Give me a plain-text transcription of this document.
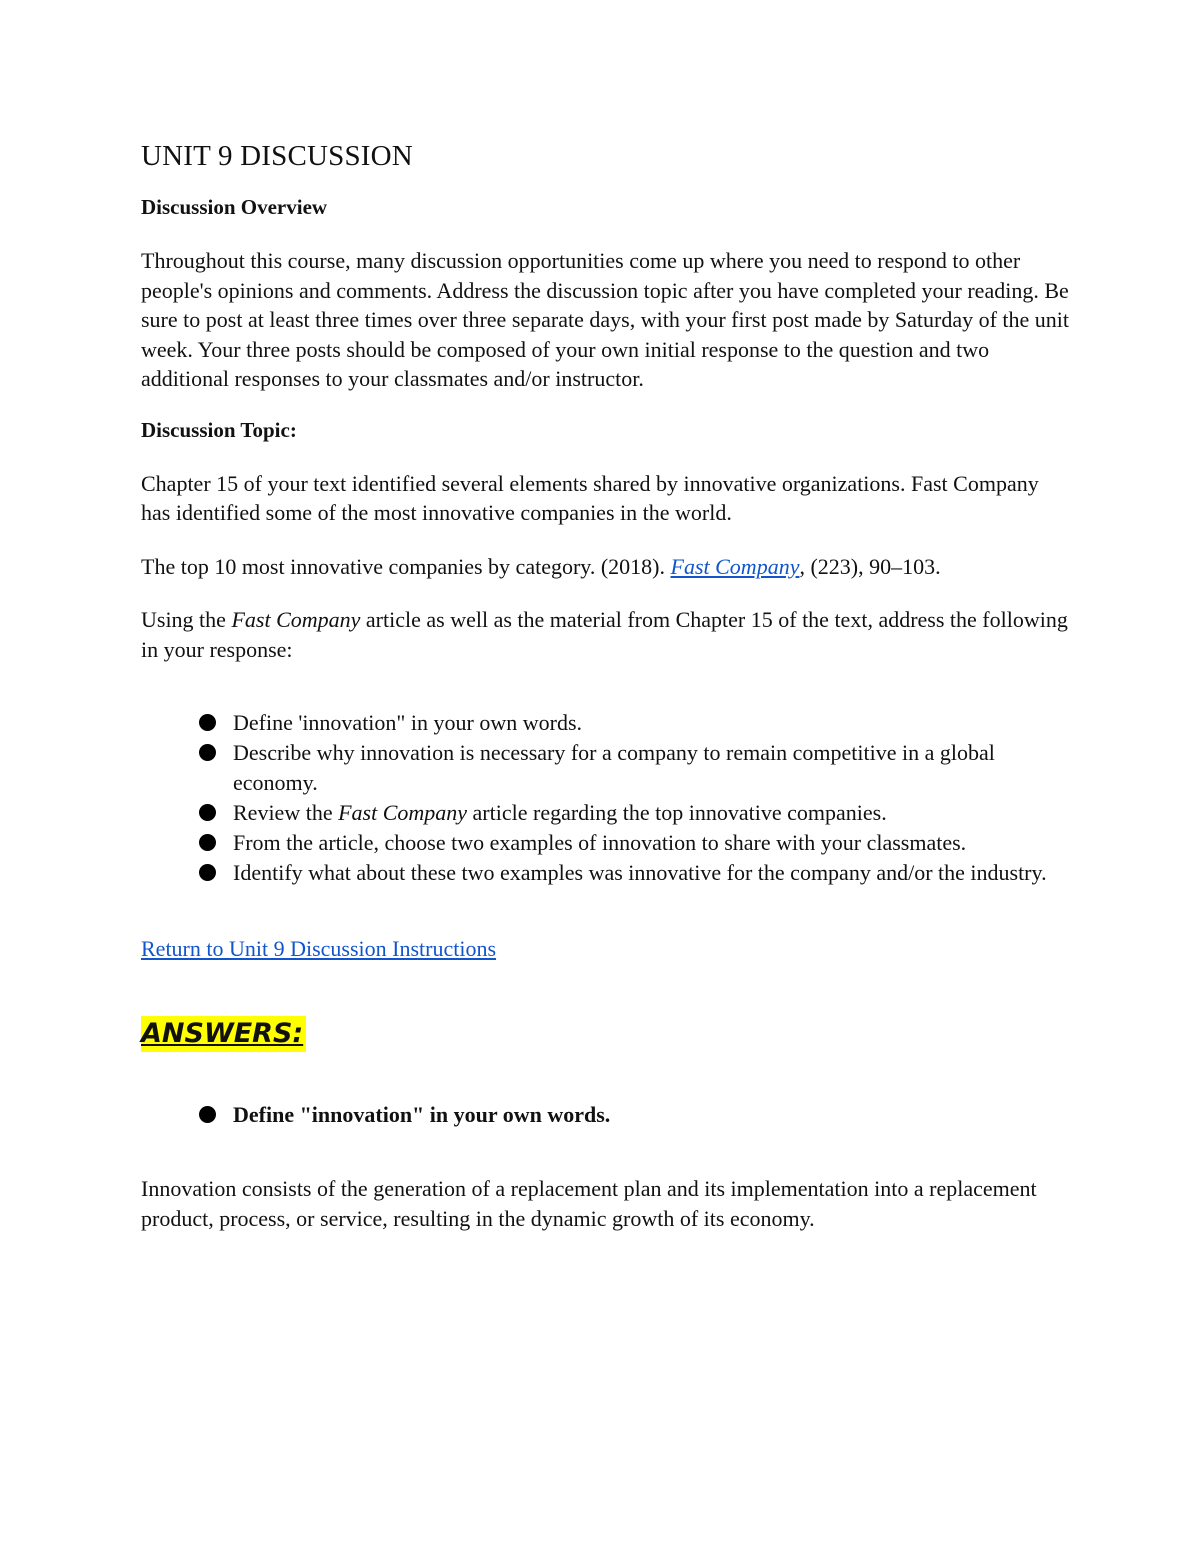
UNIT 9 DISCUSSION
Discussion Overview

Throughout this course, many discussion opportunities come up where you need to respond to other people's opinions and comments. Address the discussion topic after you have completed your reading. Be sure to post at least three times over three separate days, with your first post made by Saturday of the unit week. Your three posts should be composed of your own initial response to the question and two additional responses to your classmates and/or instructor.

Discussion Topic:

Chapter 15 of your text identified several elements shared by innovative organizations. Fast Company has identified some of the most innovative companies in the world.

The top 10 most innovative companies by category. (2018). Fast Company, (223), 90–103.

Using the Fast Company article as well as the material from Chapter 15 of the text, address the following in your response:

Define 'innovation" in your own words.
Describe why innovation is necessary for a company to remain competitive in a global economy.
Review the Fast Company article regarding the top innovative companies.
From the article, choose two examples of innovation to share with your classmates.
Identify what about these two examples was innovative for the company and/or the industry.
Return to Unit 9 Discussion Instructions
ANSWERS:
Define "innovation" in your own words.

Innovation consists of the generation of a replacement plan and its implementation into a replacement product, process, or service, resulting in the dynamic growth of its economy.
